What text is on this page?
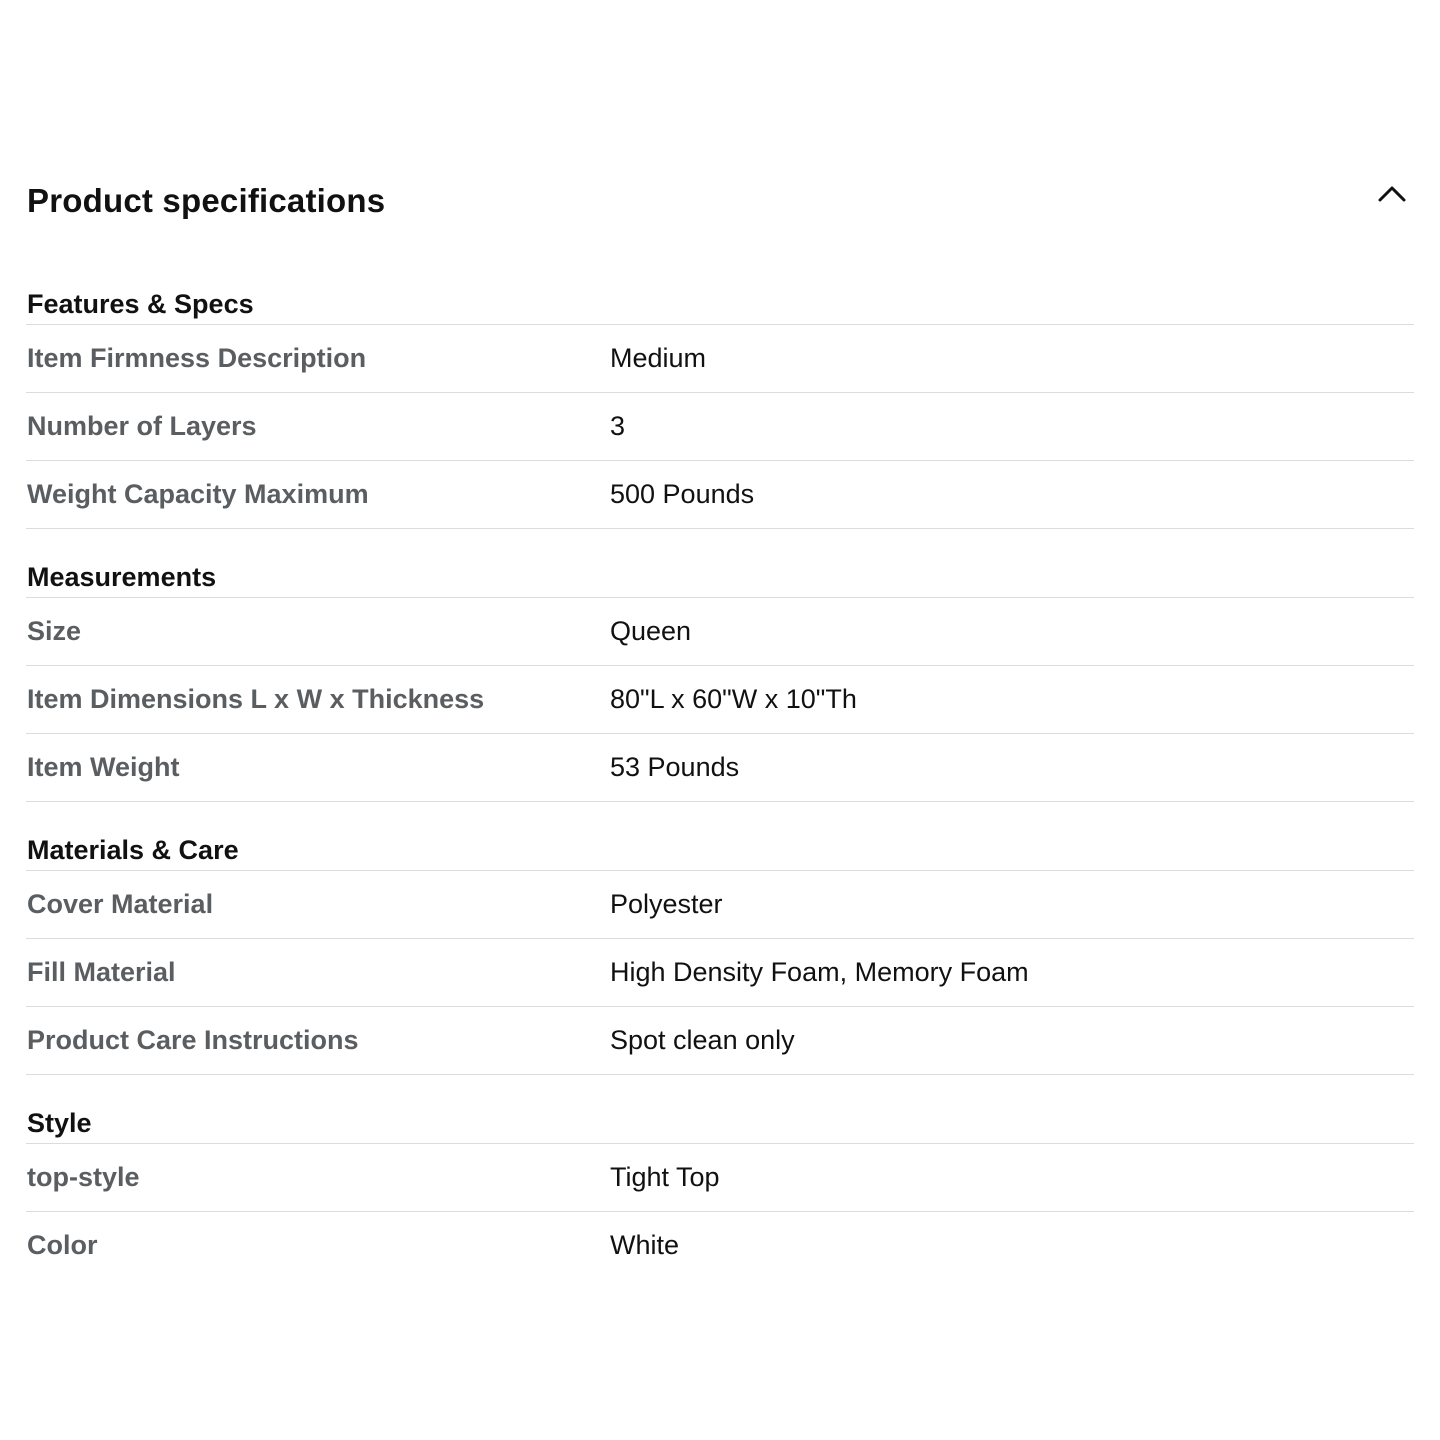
Product specifications
Features & Specs
Item Firmness Description	Medium
Number of Layers	3
Weight Capacity Maximum	500 Pounds
Measurements
Size	Queen
Item Dimensions L x W x Thickness	80"L x 60"W x 10"Th
Item Weight	53 Pounds
Materials & Care
Cover Material	Polyester
Fill Material	High Density Foam, Memory Foam
Product Care Instructions	Spot clean only
Style
top-style	Tight Top
Color	White
